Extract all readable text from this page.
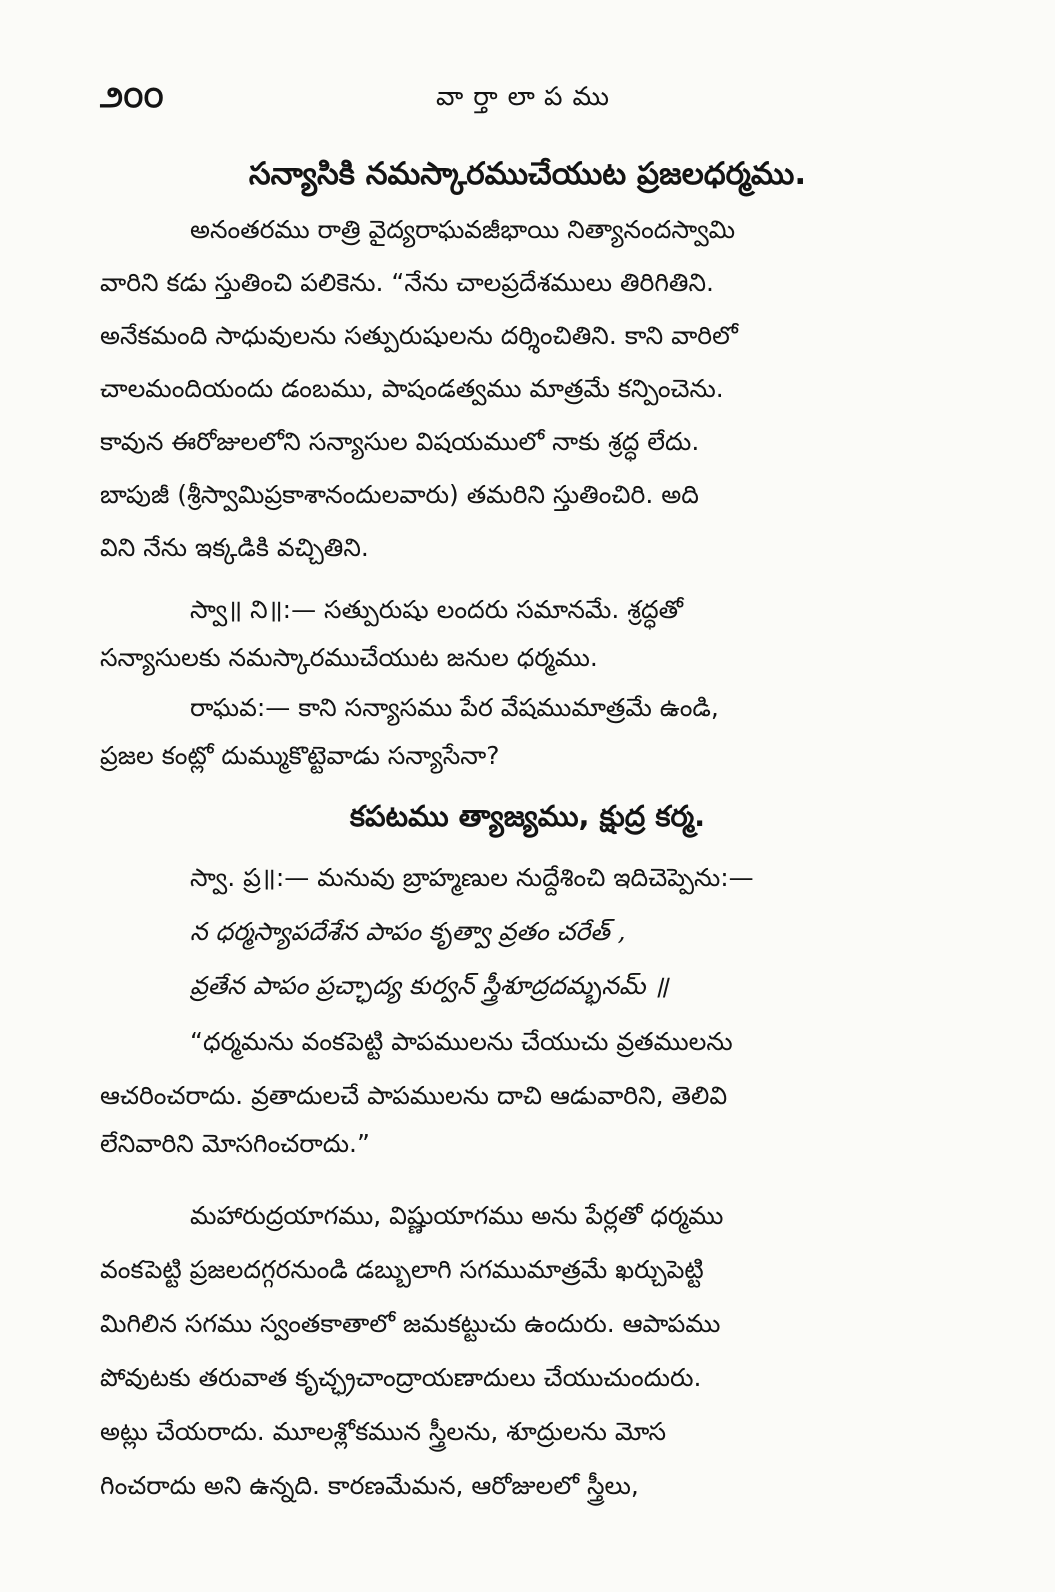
౨౦౦	వార్తాలాపము
సన్యాసికి నమస్కారముచేయుట ప్రజలధర్మము.
అనంతరము రాత్రి వైద్యరాఘవజీభాయి నిత్యానందస్వామి
వారిని కడు స్తుతించి పలికెను. “నేను చాలప్రదేశములు తిరిగితిని.
అనేకమంది సాధువులను సత్పురుషులను దర్శించితిని. కాని వారిలో
చాలమందియందు డంబము, పాషండత్వము మాత్రమే కన్పించెను.
కావున ఈరోజులలోని సన్యాసుల విషయములో నాకు శ్రద్ధ లేదు.
బాపుజీ (శ్రీస్వామిప్రకాశానందులవారు) తమరిని స్తుతించిరి. అది
విని నేను ఇక్కడికి వచ్చితిని.
స్వా॥ ని॥:— సత్పురుషు లందరు సమానమే. శ్రద్ధతో
సన్యాసులకు నమస్కారముచేయుట జనుల ధర్మము.
రాఘవ:— కాని సన్యాసము పేర వేషముమాత్రమే ఉండి,
ప్రజల కంట్లో దుమ్ముకొట్టెవాడు సన్యాసేనా?
కపటము త్యాజ్యము, క్షుద్ర కర్మ.
స్వా. ప్ర॥:— మనువు బ్రాహ్మణుల నుద్దేశించి ఇదిచెప్పెను:—
న ధర్మస్యాపదేశేన పాపం కృత్వా వ్రతం చరేత్ ,
వ్రతేన పాపం ప్రచ్ఛాద్య కుర్వన్ స్త్రీశూద్రదమ్భనమ్ ॥
“ధర్మమను వంకపెట్టి పాపములను చేయుచు వ్రతములను
ఆచరించరాదు. వ్రతాదులచే పాపములను దాచి ఆడువారిని, తెలివి
లేనివారిని మోసగించరాదు.”
మహారుద్రయాగము, విష్ణుయాగము అను పేర్లతో ధర్మము
వంకపెట్టి ప్రజలదగ్గరనుండి డబ్బులాగి సగముమాత్రమే ఖర్చుపెట్టి
మిగిలిన సగము స్వంతకాతాలో జమకట్టుచు ఉందురు. ఆపాపము
పోవుటకు తరువాత కృచ్ఛ్రచాంద్రాయణాదులు చేయుచుందురు.
అట్లు చేయరాదు. మూలశ్లోకమున స్త్రీలను, శూద్రులను మోస
గించరాదు అని ఉన్నది. కారణమేమన, ఆరోజులలో స్త్రీలు,
